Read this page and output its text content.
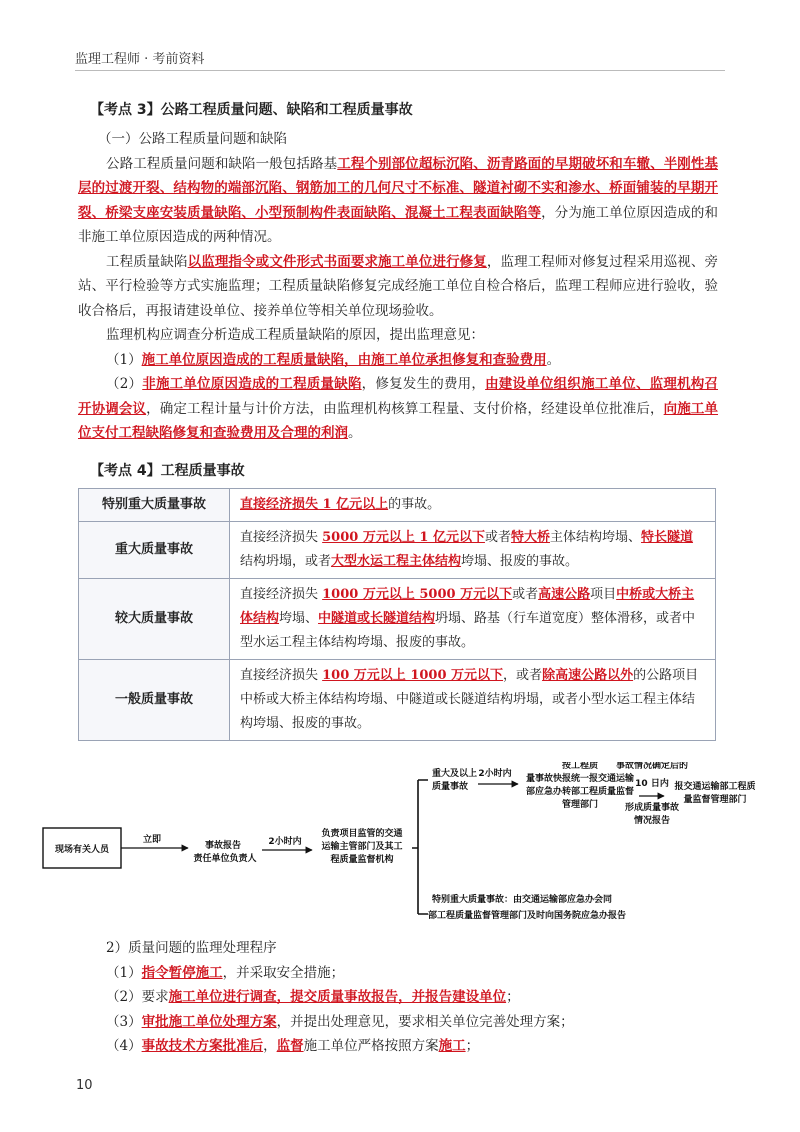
监理工程师 · 考前资料
【考点 3】公路工程质量问题、缺陷和工程质量事故
（一）公路工程质量问题和缺陷
公路工程质量问题和缺陷一般包括路基工程个别部位超标沉陷、沥青路面的早期破坏和车辙、半刚性基层的过渡开裂、结构物的端部沉陷、钢筋加工的几何尺寸不标准、隧道衬砌不实和渗水、桥面铺装的早期开裂、桥梁支座安装质量缺陷、小型预制构件表面缺陷、混凝土工程表面缺陷等，分为施工单位原因造成的和非施工单位原因造成的两种情况。
工程质量缺陷以监理指令或文件形式书面要求施工单位进行修复，监理工程师对修复过程采用巡视、旁站、平行检验等方式实施监理；工程质量缺陷修复完成经施工单位自检合格后，监理工程师应进行验收，验收合格后，再报请建设单位、接养单位等相关单位现场验收。
监理机构应调查分析造成工程质量缺陷的原因，提出监理意见：
（1）施工单位原因造成的工程质量缺陷，由施工单位承担修复和查验费用。
（2）非施工单位原因造成的工程质量缺陷，修复发生的费用，由建设单位组织施工单位、监理机构召开协调会议，确定工程计量与计价方法，由监理机构核算工程量、支付价格，经建设单位批准后，向施工单位支付工程缺陷修复和查验费用及合理的利润。
【考点 4】工程质量事故
特别重大质量事故	直接经济损失 1 亿元以上的事故。
重大质量事故	直接经济损失 5000 万元以上 1 亿元以下或者特大桥主体结构垮塌、特长隧道结构坍塌，或者大型水运工程主体结构垮塌、报废的事故。
较大质量事故	直接经济损失 1000 万元以上 5000 万元以下或者高速公路项目中桥或大桥主体结构垮塌、中隧道或长隧道结构坍塌、路基（行车道宽度）整体滑移，或者中型水运工程主体结构垮塌、报废的事故。
一般质量事故	直接经济损失 100 万元以上 1000 万元以下，或者除高速公路以外的公路项目中桥或大桥主体结构垮塌、中隧道或长隧道结构坍塌，或者小型水运工程主体结构垮塌、报废的事故。
现场有关人员
立即
事故报告
责任单位负责人
2小时内
负责项目监管的交通
运输主管部门及其工
程质量监督机构
重大及以上
质量事故
2小时内
按工程质
量事故快报统一报交通运输
部应急办转部工程质量监督
管理部门
事故情况确定后的
10 日内
形成质量事故
情况报告
报交通运输部工程质
量监督管理部门
特别重大质量事故：由交通运输部应急办会同
部工程质量监督管理部门及时向国务院应急办报告
2）质量问题的监理处理程序
（1）指令暂停施工，并采取安全措施；
（2）要求施工单位进行调查，提交质量事故报告，并报告建设单位；
（3）审批施工单位处理方案，并提出处理意见，要求相关单位完善处理方案；
（4）事故技术方案批准后，监督施工单位严格按照方案施工；
10
